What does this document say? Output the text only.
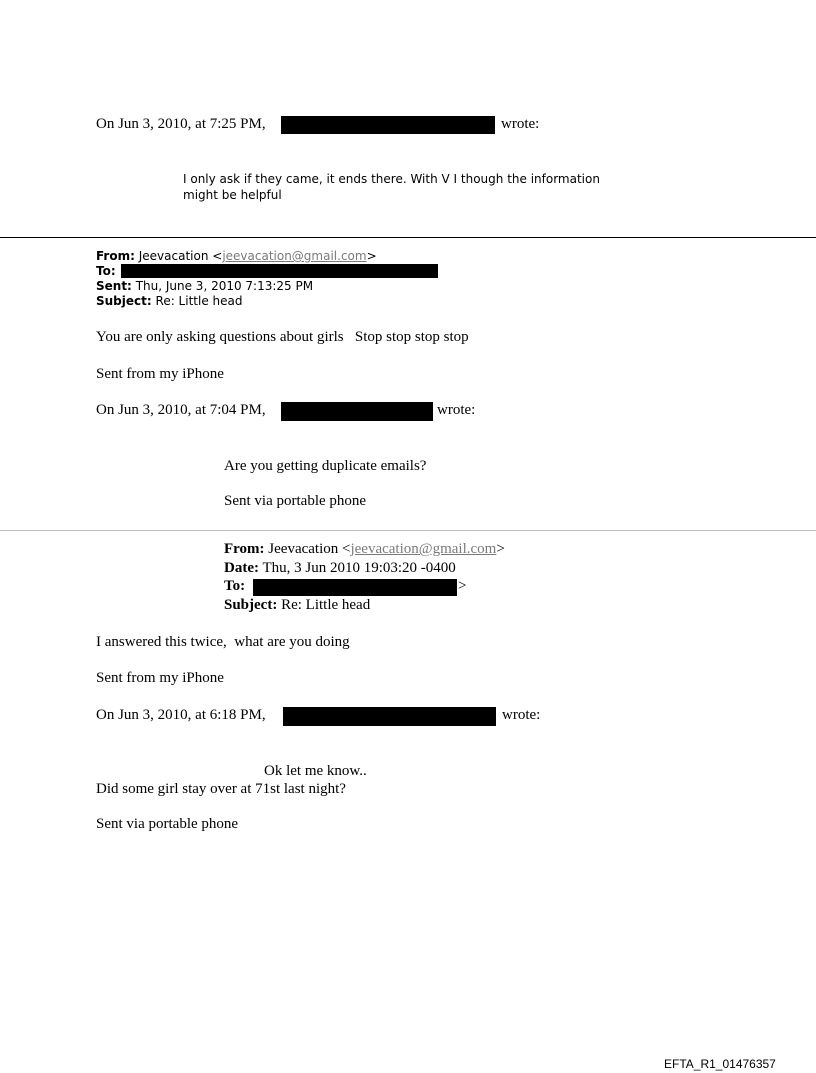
On Jun 3, 2010, at 7:25 PM,	wrote:
I only ask if they came, it ends there. With V I though the information
might be helpful
From: Jeevacation <jeevacation@gmail.com>
To:
Sent: Thu, June 3, 2010 7:13:25 PM
Subject: Re: Little head
You are only asking questions about girls   Stop stop stop stop
Sent from my iPhone
On Jun 3, 2010, at 7:04 PM,	wrote:
Are you getting duplicate emails?
Sent via portable phone
From: Jeevacation <jeevacation@gmail.com>
Date: Thu, 3 Jun 2010 19:03:20 -0400
To:	>
Subject: Re: Little head
I answered this twice,  what are you doing
Sent from my iPhone
On Jun 3, 2010, at 6:18 PM,	wrote:
Ok let me know..
Did some girl stay over at 71st last night?
Sent via portable phone
EFTA_R1_01476357
